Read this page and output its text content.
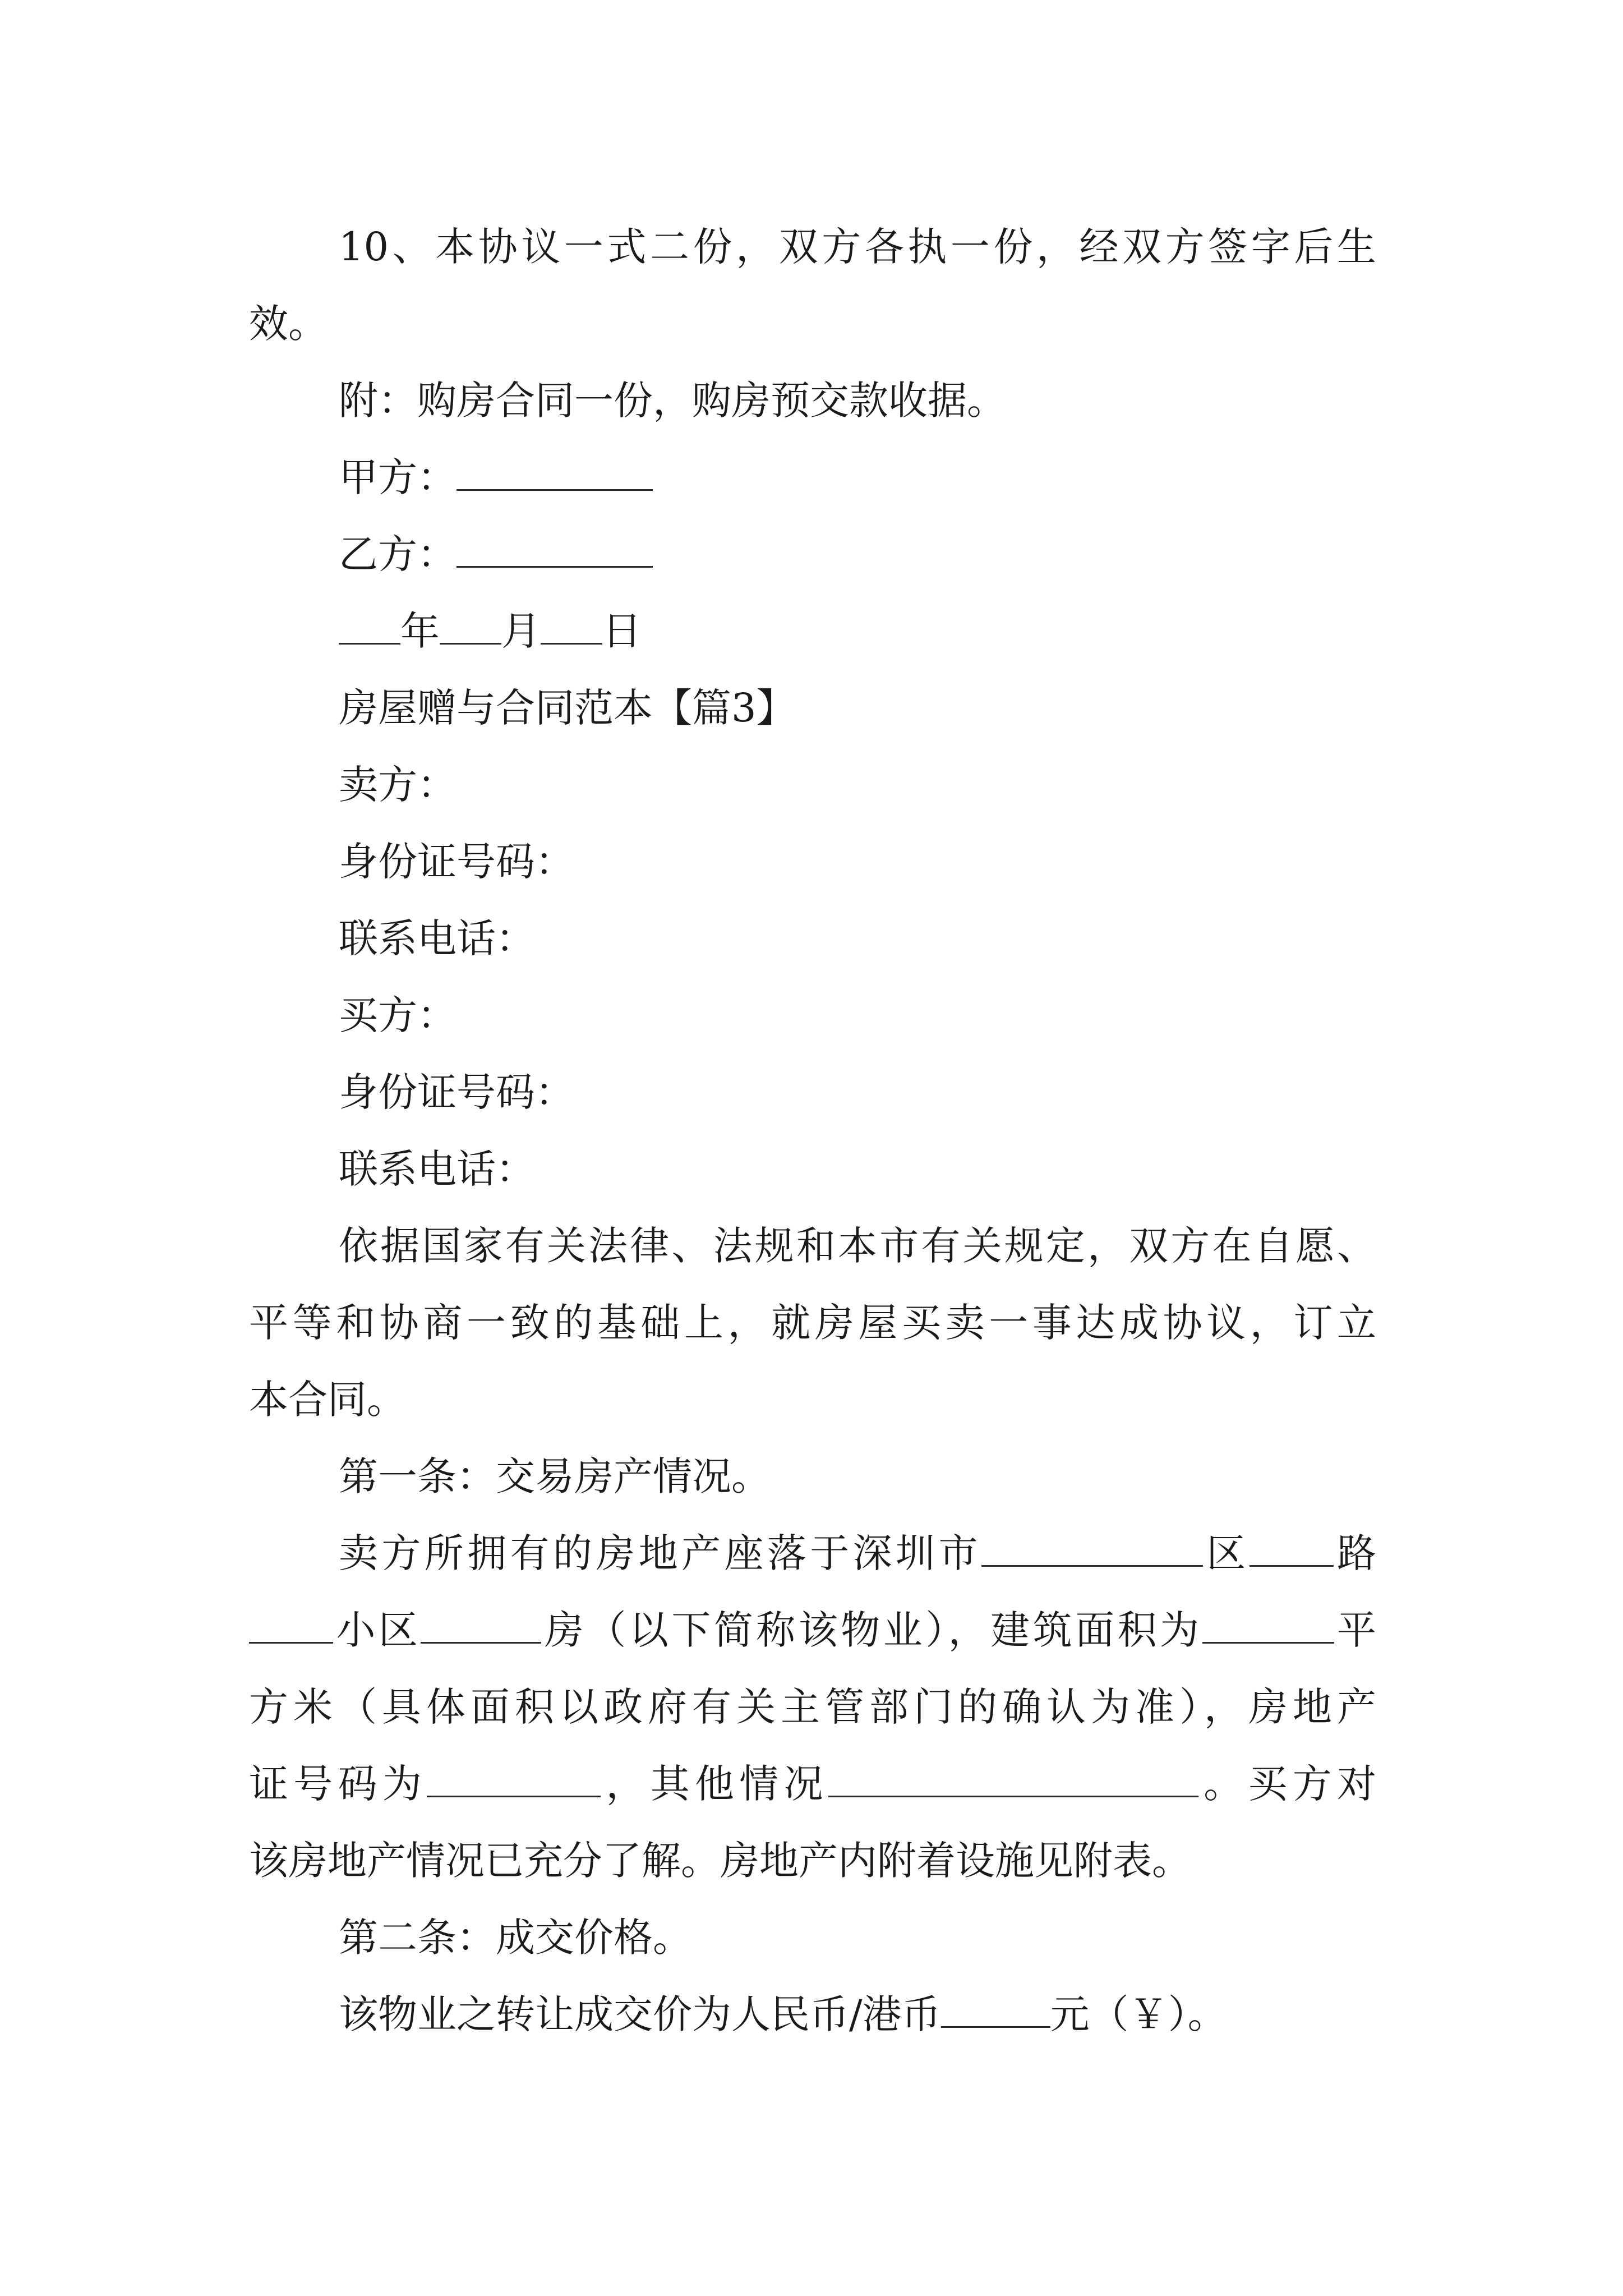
10、本协议一式二份，双方各执一份，经双方签字后生
效。
附：购房合同一份，购房预交款收据。
甲方：
乙方：
年 月 日
房屋赠与合同范本【篇3】
卖方：
身份证号码：
联系电话：
买方：
身份证号码：
联系电话：
依据国家有关法律、法规和本市有关规定，双方在自愿、
平等和协商一致的基础上，就房屋买卖一事达成协议，订立
本合同。
第一条：交易房产情况。
卖方所拥有的房地产座落于深圳市	区 路
小区	房（以下简称该物业），建筑面积为	平
方米（具体面积以政府有关主管部门的确认为准），房地产
证号码为	，其他情况	。买方对
该房地产情况已充分了解。房地产内附着设施见附表。
第二条：成交价格。
该物业之转让成交价为人民币/港币	元（￥）。
